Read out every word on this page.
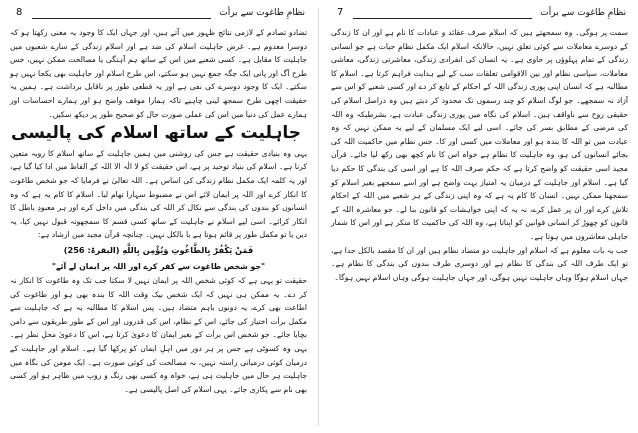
8	نظامِ طاغوت سے برأت

تضادو تصادم کے لازمی نتائج ظہور میں آتے ہیں، اور جہاں ایک کا وجود یہ معنی رکھتا ہو کہ دوسرا معدوم ہے۔ غرض جاہلیت اسلام کی ضد ہے اور اسلام زندگی کے سارے شعبوں میں جاہلیت کا مقابل ہے۔ کسی شعبے میں اس کے ساتھ ہم آہنگی یا مصالحت ممکن نہیں، جس طرح آگ اور پانی ایک جگہ جمع نہیں ہو سکتے، اس طرح اسلام اور جاہلیت بھی یکجا نہیں ہو سکتے۔ ایک کا وجود دوسرے کی نفی ہے اور یہ قطعی طور پر ناقابل برداشت ہے۔ ہمیں یہ حقیقت اچھی طرح سمجھ لینی چاہیے تاکہ ہمارا موقف واضح ہو اور ہمارے احساسات اور ہمارے عمل کی دنیا میں اس کی عملی صورت حال کو صحیح طور پر دیکھ سکیں۔

جاہلیت کے ساتھ اسلام کی پالیسی

یہی وہ بنیادی حقیقت ہے جس کی روشنی میں ہمیں جاہلیت کے ساتھ اسلام کا رویہ متعین کرنا ہے۔ اسلام کی بنیاد توحید پر ہے، اس حقیقت کو لا الٰہ الا اللہ کے الفاظ میں ادا کیا گیا ہے، اور یہ کلمہ ایک مکمل نظام زندگی کی اساس ہے۔ اللہ تعالیٰ نے فرمایا کہ جو شخص طاغوت کا انکار کرے اور اللہ پر ایمان لائے اس نے مضبوط سہارا تھام لیا۔ اسلام کا کام یہ ہے کہ وہ انسانوں کو بندوں کی بندگی سے نکال کر اللہ کی بندگی میں داخل کرے اور ہر معبودِ باطل کا انکار کرائے۔ اسی لیے اسلام نے جاہلیت کے ساتھ کسی قسم کا سمجھوتہ قبول نہیں کیا، یہ دین یا تو مکمل طور پر قائم ہوتا ہے یا بالکل نہیں۔ چنانچہ قرآن مجید میں ارشاد ہے:

فَمَنْ يَكْفُرْ بِالطَّاغُوتِ وَيُؤْمِن بِاللَّهِ (البقرۃ: 256)
"جو شخص طاغوت سے کفر کرے اور اللہ پر ایمان لے آئے"

حقیقت تو یہی ہے کہ کوئی شخص اللہ پر ایمان نہیں لا سکتا جب تک وہ طاغوت کا انکار نہ کر دے۔ یہ ممکن ہی نہیں کہ ایک شخص بیک وقت اللہ کا بندہ بھی ہو اور طاغوت کی اطاعت بھی کرے، یہ دونوں باہم متضاد ہیں۔ پس اسلام کا مطالبہ یہ ہے کہ جاہلیت سے مکمل برأت اختیار کی جائے، اس کے نظام، اس کی قدروں اور اس کے طور طریقوں سے دامن بچایا جائے۔ جو شخص اس برأت کے بغیر ایمان کا دعویٰ کرتا ہے، اس کا دعویٰ محلِ نظر ہے۔ یہی وہ کسوٹی ہے جس پر ہر دور میں اہلِ ایمان کو پرکھا گیا ہے۔ اسلام اور جاہلیت کے درمیان کوئی درمیانی راستہ نہیں، نہ مصالحت کی کوئی صورت ہے۔ ایک مومن کی نگاہ میں جاہلیت ہر حال میں جاہلیت ہی ہے، خواہ وہ کسی بھی رنگ و روپ میں ظاہر ہو اور کسی بھی نام سے پکاری جائے۔ یہی اسلام کی اصل پالیسی ہے۔

7	نظامِ طاغوت سے برأت

سمت پر ہوگی۔ وہ سمجھتے ہیں کہ اسلام صرف عقائد و عبادات کا نام ہے اور ان کا زندگی کے دوسرے معاملات سے کوئی تعلق نہیں، حالانکہ اسلام ایک مکمل نظامِ حیات ہے جو انسانی زندگی کے تمام پہلوؤں پر حاوی ہے۔ یہ انسان کی انفرادی زندگی، معاشرتی زندگی، معاشی معاملات، سیاسی نظام اور بین الاقوامی تعلقات سب کے لیے ہدایت فراہم کرتا ہے۔ اسلام کا مطالبہ ہے کہ انسان اپنی پوری زندگی اللہ کے احکام کے تابع کر دے اور کسی شعبے کو اس سے آزاد نہ سمجھے۔ جو لوگ اسلام کو چند رسموں تک محدود کر دیتے ہیں وہ دراصل اسلام کی حقیقی روح سے ناواقف ہیں۔ اسلام کی نگاہ میں پوری زندگی عبادت ہے، بشرطیکہ وہ اللہ کی مرضی کے مطابق بسر کی جائے۔ اسی لیے ایک مسلمان کے لیے یہ ممکن نہیں کہ وہ عبادت میں تو اللہ کا بندہ ہو اور معاملات میں کسی اور کا۔ جس نظام میں حاکمیت اللہ کی بجائے انسانوں کی ہو، وہ جاہلیت کا نظام ہے خواہ اس کا نام کچھ بھی رکھ لیا جائے۔ قرآن مجید اسی حقیقت کو واضح کرتا ہے کہ حکم صرف اللہ کا ہے اور اسی کی بندگی کا حکم دیا گیا ہے۔ اسلام اور جاہلیت کے درمیان یہ امتیاز بہت واضح ہے اور اسے سمجھے بغیر اسلام کو سمجھنا ممکن نہیں۔ انسان کا کام یہ ہے کہ وہ اپنی زندگی کے ہر شعبے میں اللہ کے احکام تلاش کرے اور ان پر عمل کرے، نہ یہ کہ اپنی خواہشات کو قانون بنا لے۔ جو معاشرہ اللہ کے قانون کو چھوڑ کر انسانی قوانین کو اپناتا ہے، وہ اللہ کی حاکمیت کا منکر ہے اور اس کا شمار جاہلی معاشروں میں ہوتا ہے۔

جب یہ بات معلوم ہے کہ اسلام اور جاہلیت دو متضاد نظام ہیں اور ان کا مقصد بالکل جدا ہے، تو ایک طرف اللہ کی بندگی کا نظام ہے اور دوسری طرف بندوں کی بندگی کا نظام ہے۔ جہاں اسلام ہوگا وہاں جاہلیت نہیں ہوگی، اور جہاں جاہلیت ہوگی وہاں اسلام نہیں ہوگا۔
